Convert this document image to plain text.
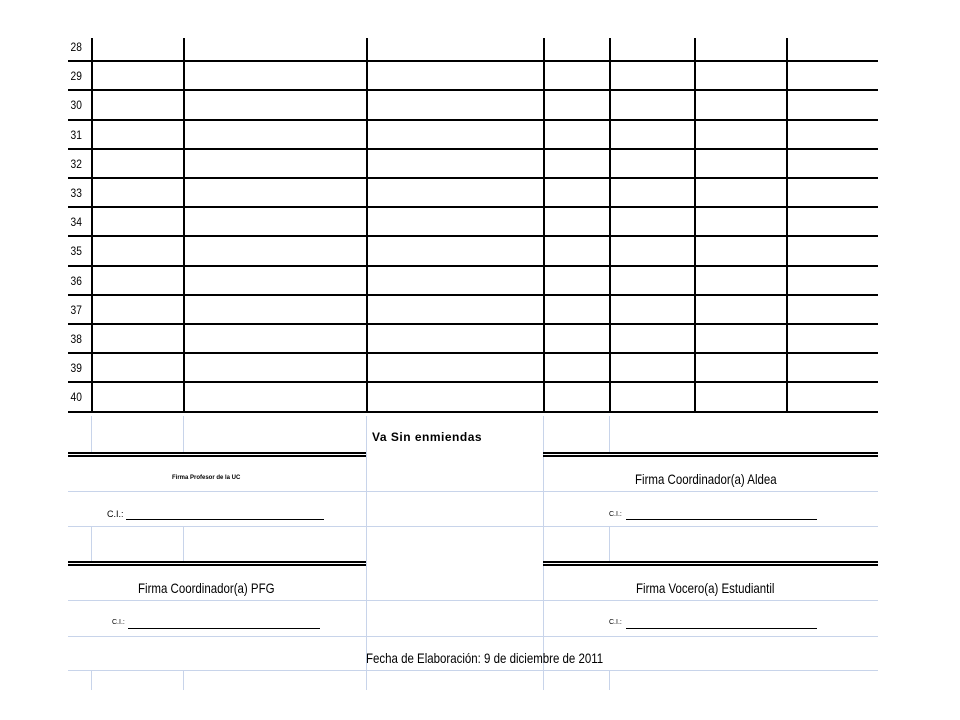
28
29
30
31
32
33
34
35
36
37
38
39
40
Va Sin enmiendas
Firma Profesor de la UC	Firma Coordinador(a) Aldea
C.I.:	C.I.:
Firma Coordinador(a) PFG	Firma Vocero(a) Estudiantil
C.I.:	C.I.:
Fecha de Elaboración: 9 de diciembre de 2011
